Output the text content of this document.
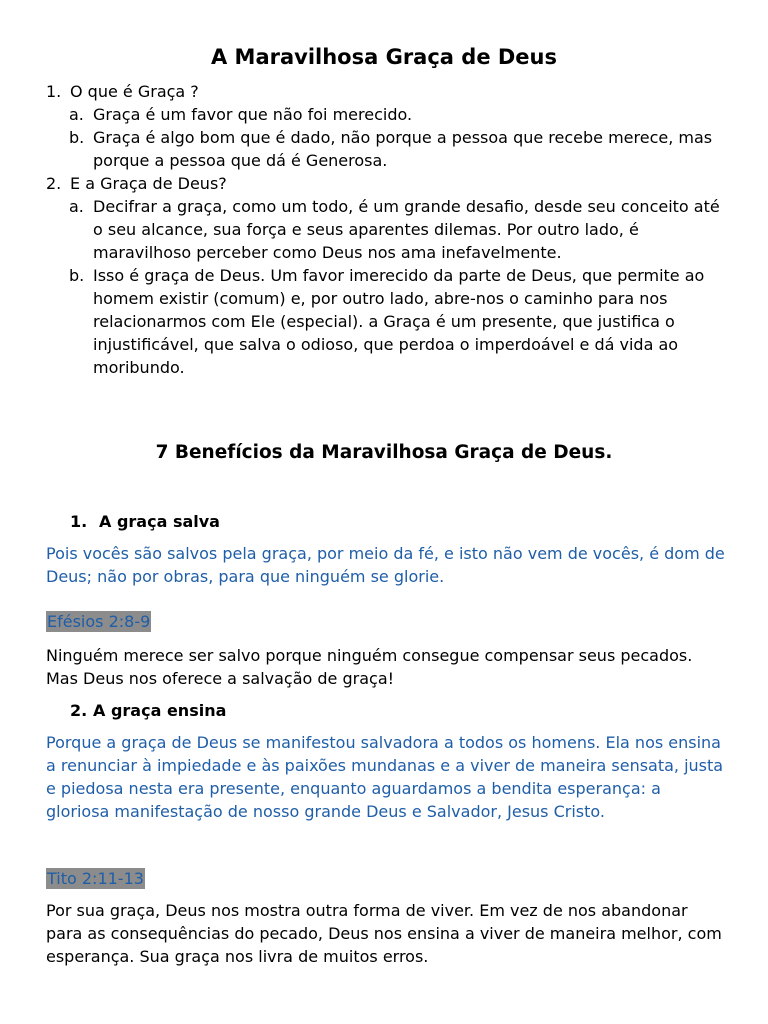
A Maravilhosa Graça de Deus
1. O que é Graça ?
a. Graça é um favor que não foi merecido.
b. Graça é algo bom que é dado, não porque a pessoa que recebe merece, mas porque a pessoa que dá é Generosa.
2. E a Graça de Deus?
a. Decifrar a graça, como um todo, é um grande desafio, desde seu conceito até o seu alcance, sua força e seus aparentes dilemas. Por outro lado, é maravilhoso perceber como Deus nos ama inefavelmente.
b. Isso é graça de Deus. Um favor imerecido da parte de Deus, que permite ao homem existir (comum) e, por outro lado, abre-nos o caminho para nos relacionarmos com Ele (especial). a Graça é um presente, que justifica o injustificável, que salva o odioso, que perdoa o imperdoável e dá vida ao moribundo.
7 Benefícios da Maravilhosa Graça de Deus.
1. A graça salva
Pois vocês são salvos pela graça, por meio da fé, e isto não vem de vocês, é dom de Deus; não por obras, para que ninguém se glorie.
Efésios 2:8-9
Ninguém merece ser salvo porque ninguém consegue compensar seus pecados. Mas Deus nos oferece a salvação de graça!
2. A graça ensina
Porque a graça de Deus se manifestou salvadora a todos os homens. Ela nos ensina a renunciar à impiedade e às paixões mundanas e a viver de maneira sensata, justa e piedosa nesta era presente, enquanto aguardamos a bendita esperança: a gloriosa manifestação de nosso grande Deus e Salvador, Jesus Cristo.
Tito 2:11-13
Por sua graça, Deus nos mostra outra forma de viver. Em vez de nos abandonar para as consequências do pecado, Deus nos ensina a viver de maneira melhor, com esperança. Sua graça nos livra de muitos erros.
